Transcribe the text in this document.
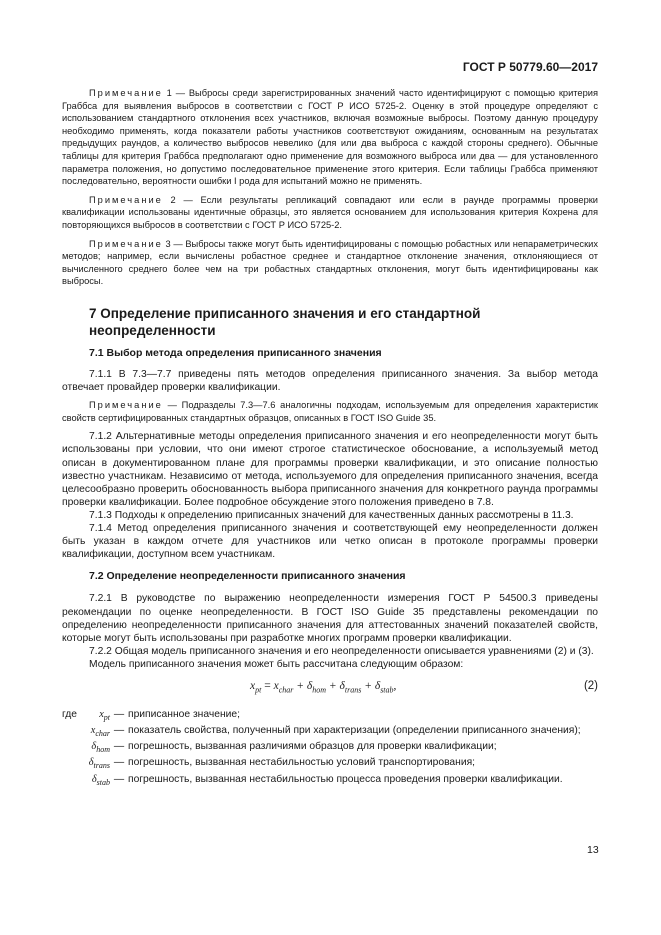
ГОСТ Р 50779.60—2017

Примечание 1 — Выбросы среди зарегистрированных значений часто идентифицируют с помощью критерия Граббса для выявления выбросов в соответствии с ГОСТ Р ИСО 5725-2. Оценку в этой процедуре определяют с использованием стандартного отклонения всех участников, включая возможные выбросы. Поэтому данную процедуру необходимо применять, когда показатели работы участников соответствуют ожиданиям, основанным на результатах предыдущих раундов, а количество выбросов невелико (для или два выброса с каждой стороны среднего). Обычные таблицы для критерия Граббса предполагают одно применение для возможного выброса или два — для установленного параметра положения, но допустимо последовательное применение этого критерия. Если таблицы Граббса применяют последовательно, вероятности ошибки I рода для испытаний можно не применять.

Примечание 2 — Если результаты репликаций совпадают или если в раунде программы проверки квалификации использованы идентичные образцы, это является основанием для использования критерия Кохрена для повторяющихся выбросов в соответствии с ГОСТ Р ИСО 5725-2.

Примечание 3 — Выбросы также могут быть идентифицированы с помощью робастных или непараметрических методов; например, если вычислены робастное среднее и стандартное отклонение значения, отклоняющиеся от вычисленного среднего более чем на три робастных стандартных отклонения, могут быть идентифицированы как выбросы.

7 Определение приписанного значения и его стандартной неопределенности
7.1 Выбор метода определения приписанного значения

7.1.1 В 7.3—7.7 приведены пять методов определения приписанного значения. За выбор метода отвечает провайдер проверки квалификации.

Примечание — Подразделы 7.3—7.6 аналогичны подходам, используемым для определения характеристик свойств сертифицированных стандартных образцов, описанных в ГОСТ ISO Guide 35.

7.1.2 Альтернативные методы определения приписанного значения и его неопределенности могут быть использованы при условии, что они имеют строгое статистическое обоснование, а используемый метод описан в документированном плане для программы проверки квалификации, и это описание полностью известно участникам. Независимо от метода, используемого для определения приписанного значения, всегда целесообразно проверить обоснованность выбора приписанного значения для конкретного раунда программы проверки квалификации. Более подробное обсуждение этого положения приведено в 7.8.

7.1.3 Подходы к определению приписанных значений для качественных данных рассмотрены в 11.3.

7.1.4 Метод определения приписанного значения и соответствующей ему неопределенности должен быть указан в каждом отчете для участников или четко описан в протоколе программы проверки квалификации, доступном всем участникам.

7.2 Определение неопределенности приписанного значения

7.2.1 В руководстве по выражению неопределенности измерения ГОСТ Р 54500.3 приведены рекомендации по оценке неопределенности. В ГОСТ ISO Guide 35 представлены рекомендации по определению неопределенности приписанного значения для аттестованных значений показателей свойств, которые могут быть использованы при разработке многих программ проверки квалификации.

7.2.2 Общая модель приписанного значения и его неопределенности описывается уравнениями (2) и (3).

Модель приписанного значения может быть рассчитана следующим образом:

$x_{pt} = x_{char} + \delta_{hom} + \delta_{trans} + \delta_{stab}$,	(2)
где	$x_{pt}$ — приписанное значение;
$x_{char}$ — показатель свойства, полученный при характеризации (определении приписанного значения);
$\delta_{hom}$ — погрешность, вызванная различиями образцов для проверки квалификации;
$\delta_{trans}$ — погрешность, вызванная нестабильностью условий транспортирования;
$\delta_{stab}$ — погрешность, вызванная нестабильностью процесса проведения проверки квалификации.
13
